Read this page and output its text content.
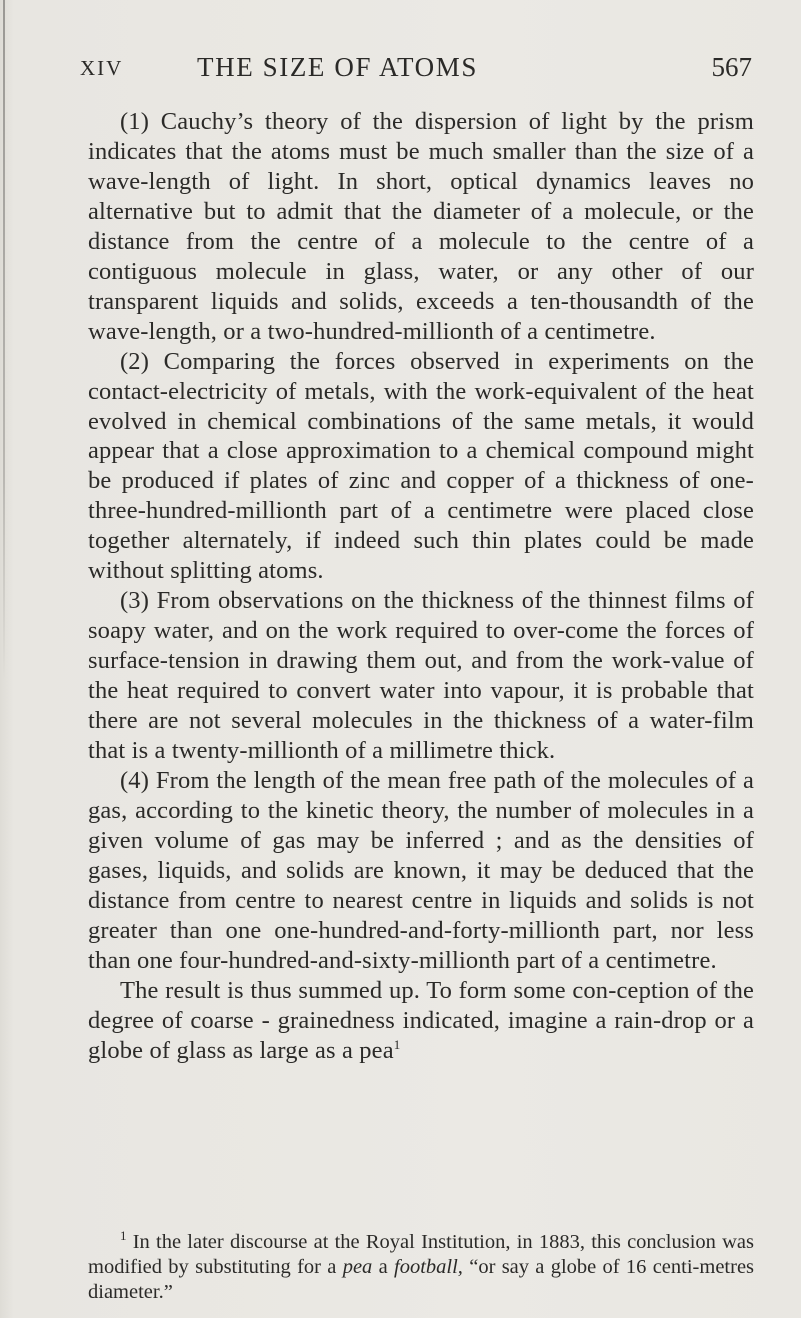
XIV	THE SIZE OF ATOMS	567

(1) Cauchy’s theory of the dispersion of light by the prism indicates that the atoms must be much smaller than the size of a wave-length of light. In short, optical dynamics leaves no alternative but to admit that the diameter of a molecule, or the distance from the centre of a molecule to the centre of a contiguous molecule in glass, water, or any other of our transparent liquids and solids, exceeds a ten-thousandth of the wave-length, or a two-hundred-millionth of a centimetre.

(2) Comparing the forces observed in experiments on the contact-electricity of metals, with the work-equivalent of the heat evolved in chemical combinations of the same metals, it would appear that a close approximation to a chemical compound might be produced if plates of zinc and copper of a thickness of one-three-hundred-millionth part of a centimetre were placed close together alternately, if indeed such thin plates could be made without splitting atoms.

(3) From observations on the thickness of the thinnest films of soapy water, and on the work required to over-come the forces of surface-tension in drawing them out, and from the work-value of the heat required to convert water into vapour, it is probable that there are not several molecules in the thickness of a water-film that is a twenty-millionth of a millimetre thick.

(4) From the length of the mean free path of the molecules of a gas, according to the kinetic theory, the number of molecules in a given volume of gas may be inferred ; and as the densities of gases, liquids, and solids are known, it may be deduced that the distance from centre to nearest centre in liquids and solids is not greater than one one-hundred-and-forty-millionth part, nor less than one four-hundred-and-sixty-millionth part of a centimetre.

The result is thus summed up. To form some con-ception of the degree of coarse - grainedness indicated, imagine a rain-drop or a globe of glass as large as a pea$^1$

$^1$ In the later discourse at the Royal Institution, in 1883, this conclusion was modified by substituting for a pea a football, “or say a globe of 16 centi-metres diameter.”
